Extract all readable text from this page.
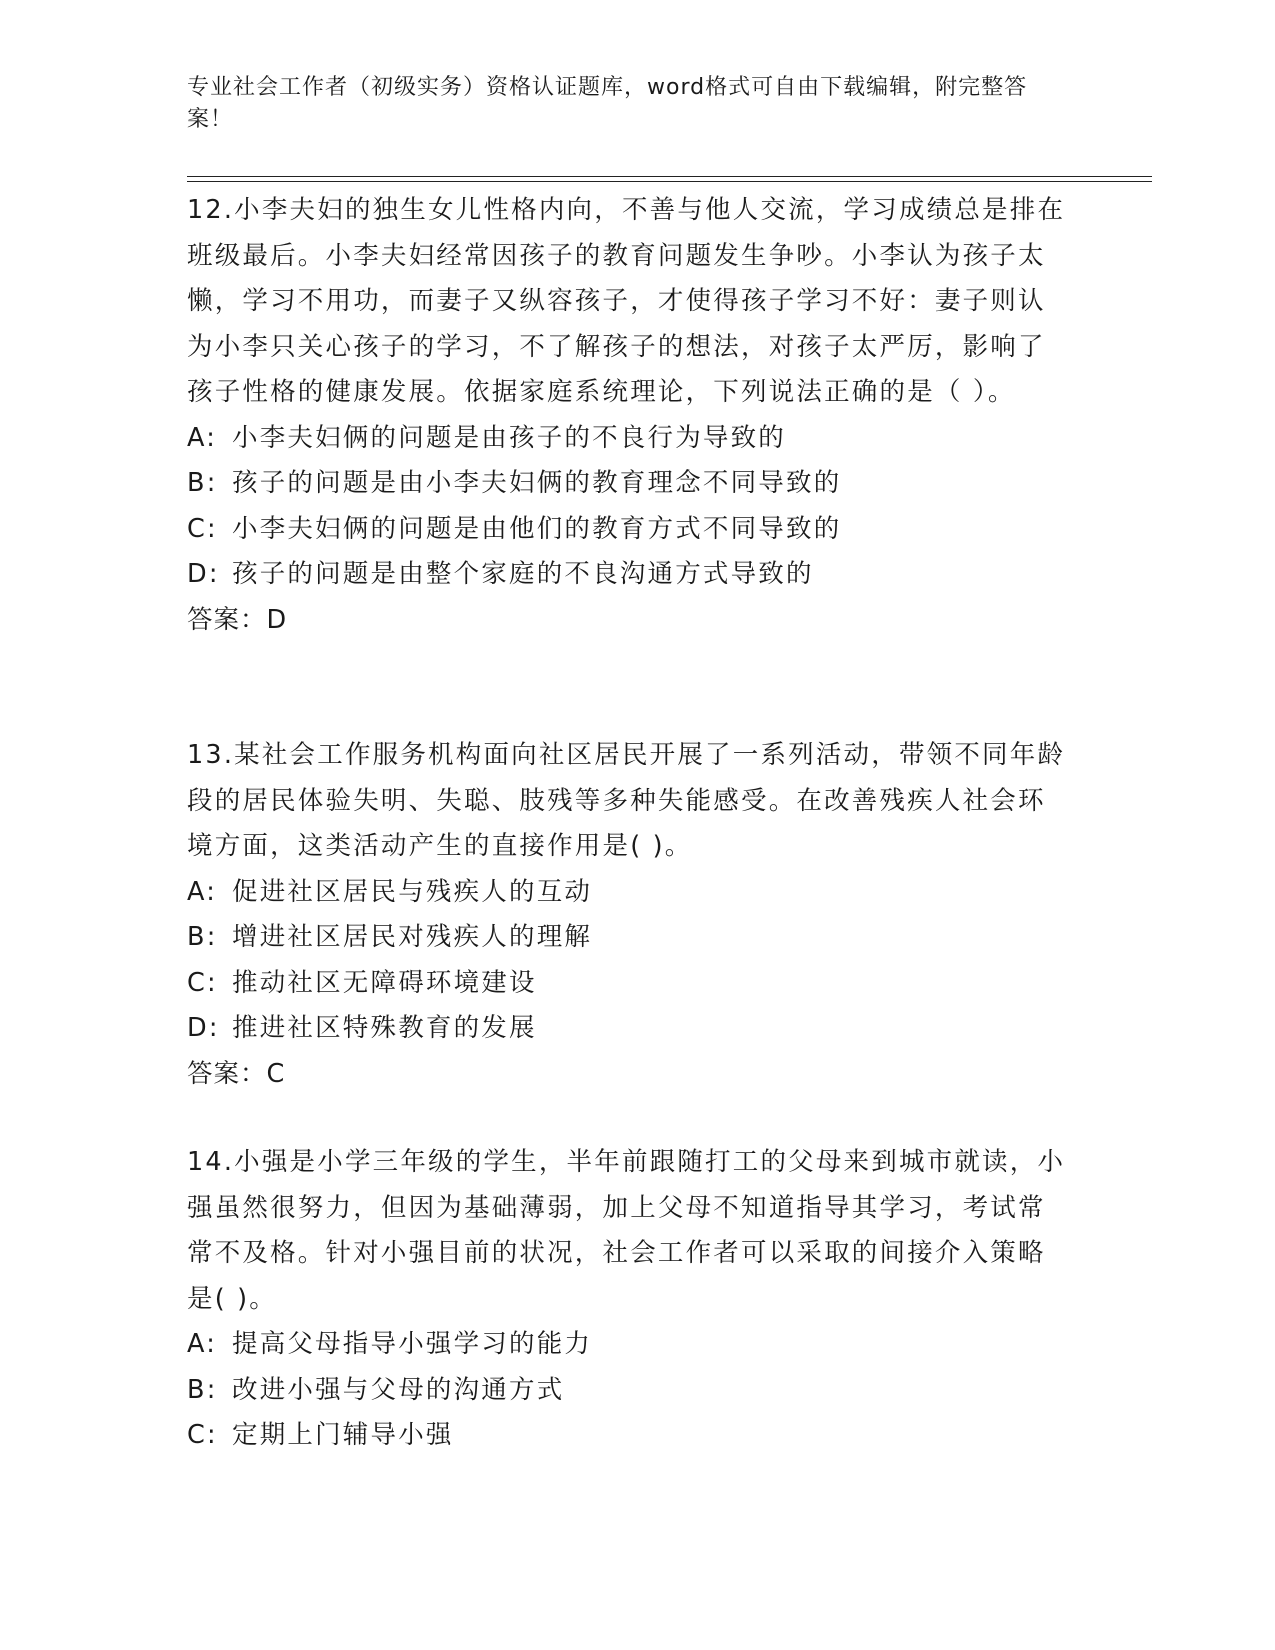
专业社会工作者（初级实务）资格认证题库，word格式可自由下载编辑，附完整答案！

12.小李夫妇的独生女儿性格内向，不善与他人交流，学习成绩总是排在班级最后。小李夫妇经常因孩子的教育问题发生争吵。小李认为孩子太懒，学习不用功，而妻子又纵容孩子，才使得孩子学习不好：妻子则认为小李只关心孩子的学习，不了解孩子的想法，对孩子太严厉，影响了孩子性格的健康发展。依据家庭系统理论，下列说法正确的是（ ）。

A: 小李夫妇俩的问题是由孩子的不良行为导致的
B: 孩子的问题是由小李夫妇俩的教育理念不同导致的
C: 小李夫妇俩的问题是由他们的教育方式不同导致的
D: 孩子的问题是由整个家庭的不良沟通方式导致的

答案：D

13.某社会工作服务机构面向社区居民开展了一系列活动，带领不同年龄段的居民体验失明、失聪、肢残等多种失能感受。在改善残疾人社会环境方面，这类活动产生的直接作用是( )。

A: 促进社区居民与残疾人的互动
B: 增进社区居民对残疾人的理解
C: 推动社区无障碍环境建设
D: 推进社区特殊教育的发展

答案：C

14.小强是小学三年级的学生，半年前跟随打工的父母来到城市就读，小强虽然很努力，但因为基础薄弱，加上父母不知道指导其学习，考试常常不及格。针对小强目前的状况，社会工作者可以采取的间接介入策略是( )。

A: 提高父母指导小强学习的能力
B: 改进小强与父母的沟通方式
C: 定期上门辅导小强
